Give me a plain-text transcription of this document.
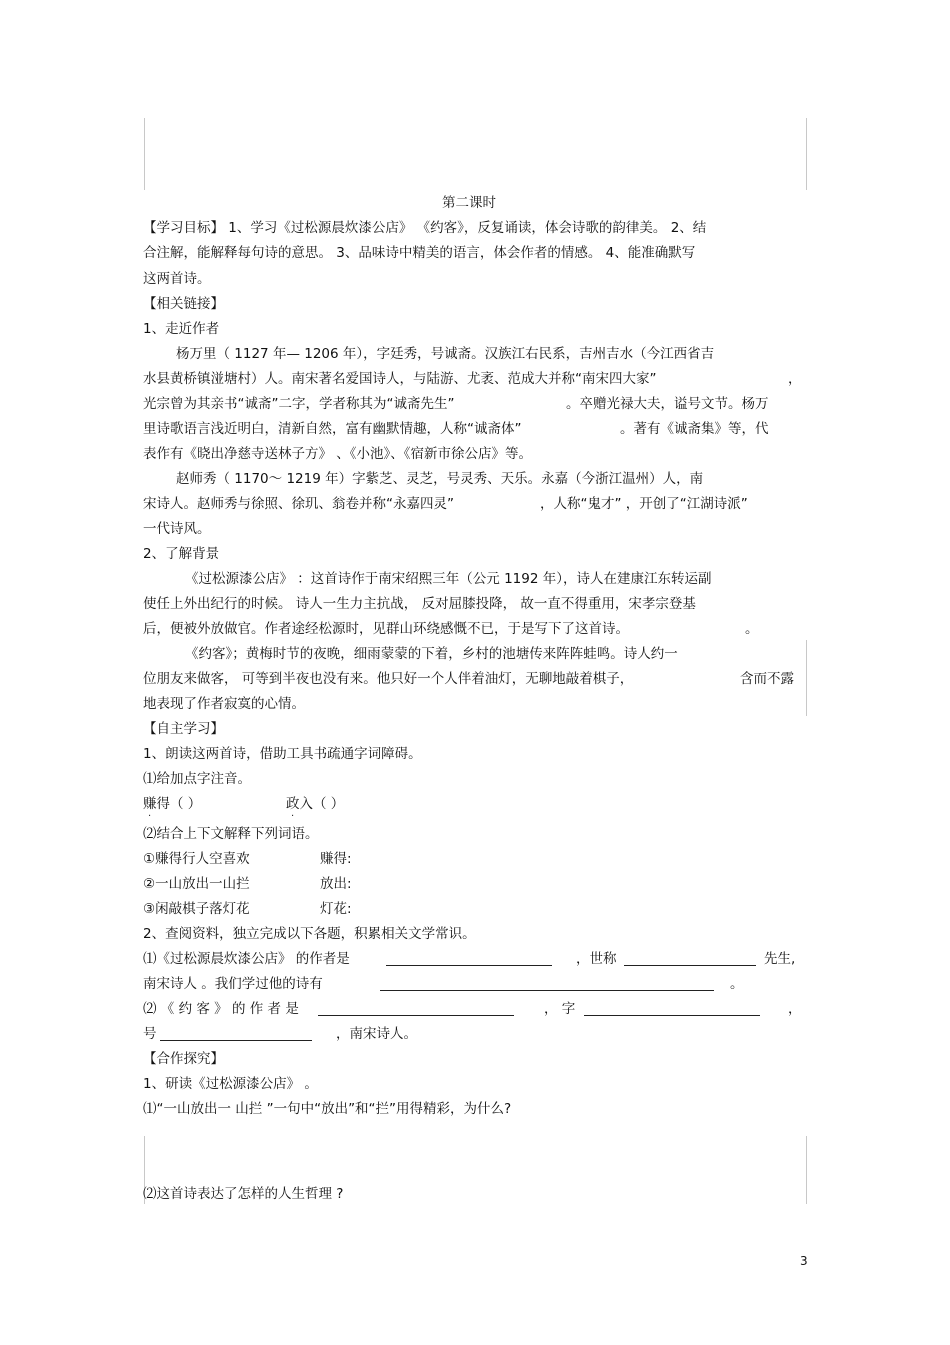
第二课时
【学习目标】 1、学习《过松源晨炊漆公店》 《约客》，反复诵读，体会诗歌的韵律美。 2、结
合注解，能解释每句诗的意思。 3、品味诗中精美的语言，体会作者的情感。 4、能准确默写
这两首诗。
【相关链接】
1、走近作者
杨万里（ 1127 年— 1206 年），字廷秀，号诚斋。汉族江右民系，吉州吉水（今江西省吉
水县黄桥镇湴塘村）人。南宋著名爱国诗人，与陆游、尤袤、范成大并称“南宋四大家”	，
光宗曾为其亲书“诚斋”二字，学者称其为“诚斋先生”	。卒赠光禄大夫，谥号文节。杨万
里诗歌语言浅近明白，清新自然，富有幽默情趣，人称“诚斋体”	。著有《诚斋集》等，代
表作有《晓出净慈寺送林子方》 、《小池》、《宿新市徐公店》等。
赵师秀（ 1170～ 1219 年）字紫芝、灵芝，号灵秀、天乐。永嘉（今浙江温州）人，南
宋诗人。赵师秀与徐照、徐玑、翁卷并称“永嘉四灵”	，人称“鬼才” ，开创了“江湖诗派”
一代诗风。
2、了解背景
《过松源漆公店》 ：这首诗作于南宋绍熙三年（公元 1192 年），诗人在建康江东转运副
使任上外出纪行的时候。 诗人一生力主抗战， 反对屈膝投降， 故一直不得重用，宋孝宗登基
后，便被外放做官。作者途经松源时，见群山环绕感慨不已，于是写下了这首诗。	。
《约客》；黄梅时节的夜晚，细雨蒙蒙的下着，乡村的池塘传来阵阵蛙鸣。诗人约一
位朋友来做客， 可等到半夜也没有来。他只好一个人伴着油灯，无聊地敲着棋子，	含而不露
地表现了作者寂寞的心情。
【自主学习】
1、朗读这两首诗，借助工具书疏通字词障碍。
⑴给加点字注音。
赚得（ ）	政入（ ）
·	·
⑵结合上下文解释下列词语。
①赚得行人空喜欢	赚得:
②一山放出一山拦	放出:
③闲敲棋子落灯花	灯花:
2、查阅资料，独立完成以下各题，积累相关文学常识。
⑴《过松源晨炊漆公店》 的作者是	，世称	先生,
南宋诗人 。我们学过他的诗有	。
⑵ 《 约 客 》 的 作 者 是	， 字	，
号	，南宋诗人。
【合作探究】
1、研读《过松源漆公店》 。
⑴“一山放出一 山拦 ”一句中“放出”和“拦”用得精彩，为什么?
⑵这首诗表达了怎样的人生哲理 ?
3
